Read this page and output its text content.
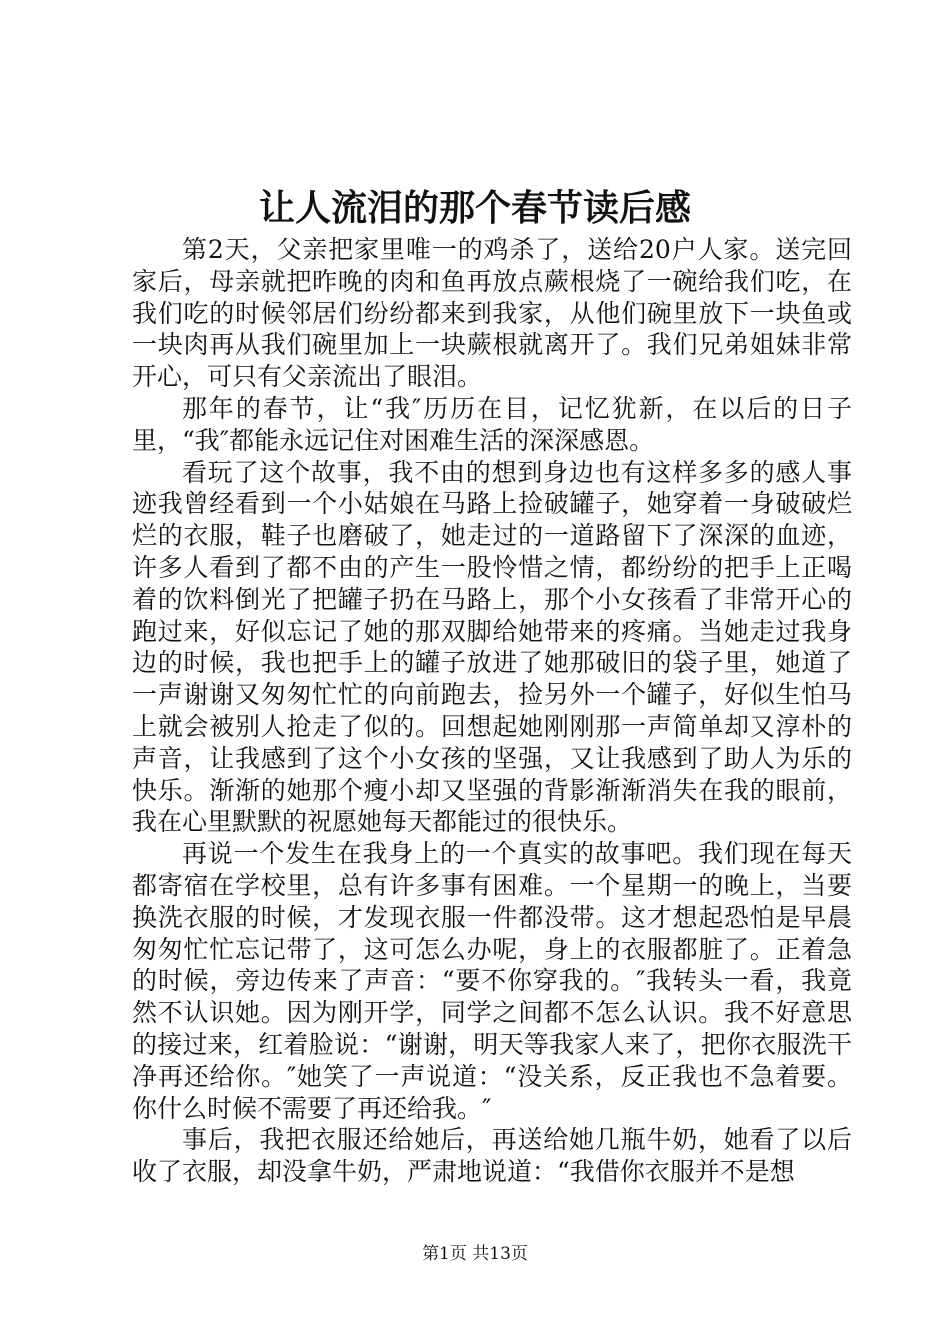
让人流泪的那个春节读后感

第2天，父亲把家里唯一的鸡杀了，送给20户人家。送完回家后，母亲就把昨晚的肉和鱼再放点蕨根烧了一碗给我们吃，在我们吃的时候邻居们纷纷都来到我家，从他们碗里放下一块鱼或一块肉再从我们碗里加上一块蕨根就离开了。我们兄弟姐妹非常开心，可只有父亲流出了眼泪。

那年的春节，让“我″历历在目，记忆犹新，在以后的日子里，“我″都能永远记住对困难生活的深深感恩。

看玩了这个故事，我不由的想到身边也有这样多多的感人事迹我曾经看到一个小姑娘在马路上捡破罐子，她穿着一身破破烂烂的衣服，鞋子也磨破了，她走过的一道路留下了深深的血迹，许多人看到了都不由的产生一股怜惜之情，都纷纷的把手上正喝着的饮料倒光了把罐子扔在马路上，那个小女孩看了非常开心的跑过来，好似忘记了她的那双脚给她带来的疼痛。当她走过我身边的时候，我也把手上的罐子放进了她那破旧的袋子里，她道了一声谢谢又匆匆忙忙的向前跑去，捡另外一个罐子，好似生怕马上就会被别人抢走了似的。回想起她刚刚那一声简单却又淳朴的声音，让我感到了这个小女孩的坚强，又让我感到了助人为乐的快乐。渐渐的她那个瘦小却又坚强的背影渐渐消失在我的眼前，我在心里默默的祝愿她每天都能过的很快乐。

再说一个发生在我身上的一个真实的故事吧。我们现在每天都寄宿在学校里，总有许多事有困难。一个星期一的晚上，当要换洗衣服的时候，才发现衣服一件都没带。这才想起恐怕是早晨匆匆忙忙忘记带了，这可怎么办呢，身上的衣服都脏了。正着急的时候，旁边传来了声音：“要不你穿我的。″我转头一看，我竟然不认识她。因为刚开学，同学之间都不怎么认识。我不好意思的接过来，红着脸说：“谢谢，明天等我家人来了，把你衣服洗干净再还给你。″她笑了一声说道：“没关系，反正我也不急着要。你什么时候不需要了再还给我。″

事后，我把衣服还给她后，再送给她几瓶牛奶，她看了以后收了衣服，却没拿牛奶，严肃地说道：“我借你衣服并不是想

第1页 共13页
